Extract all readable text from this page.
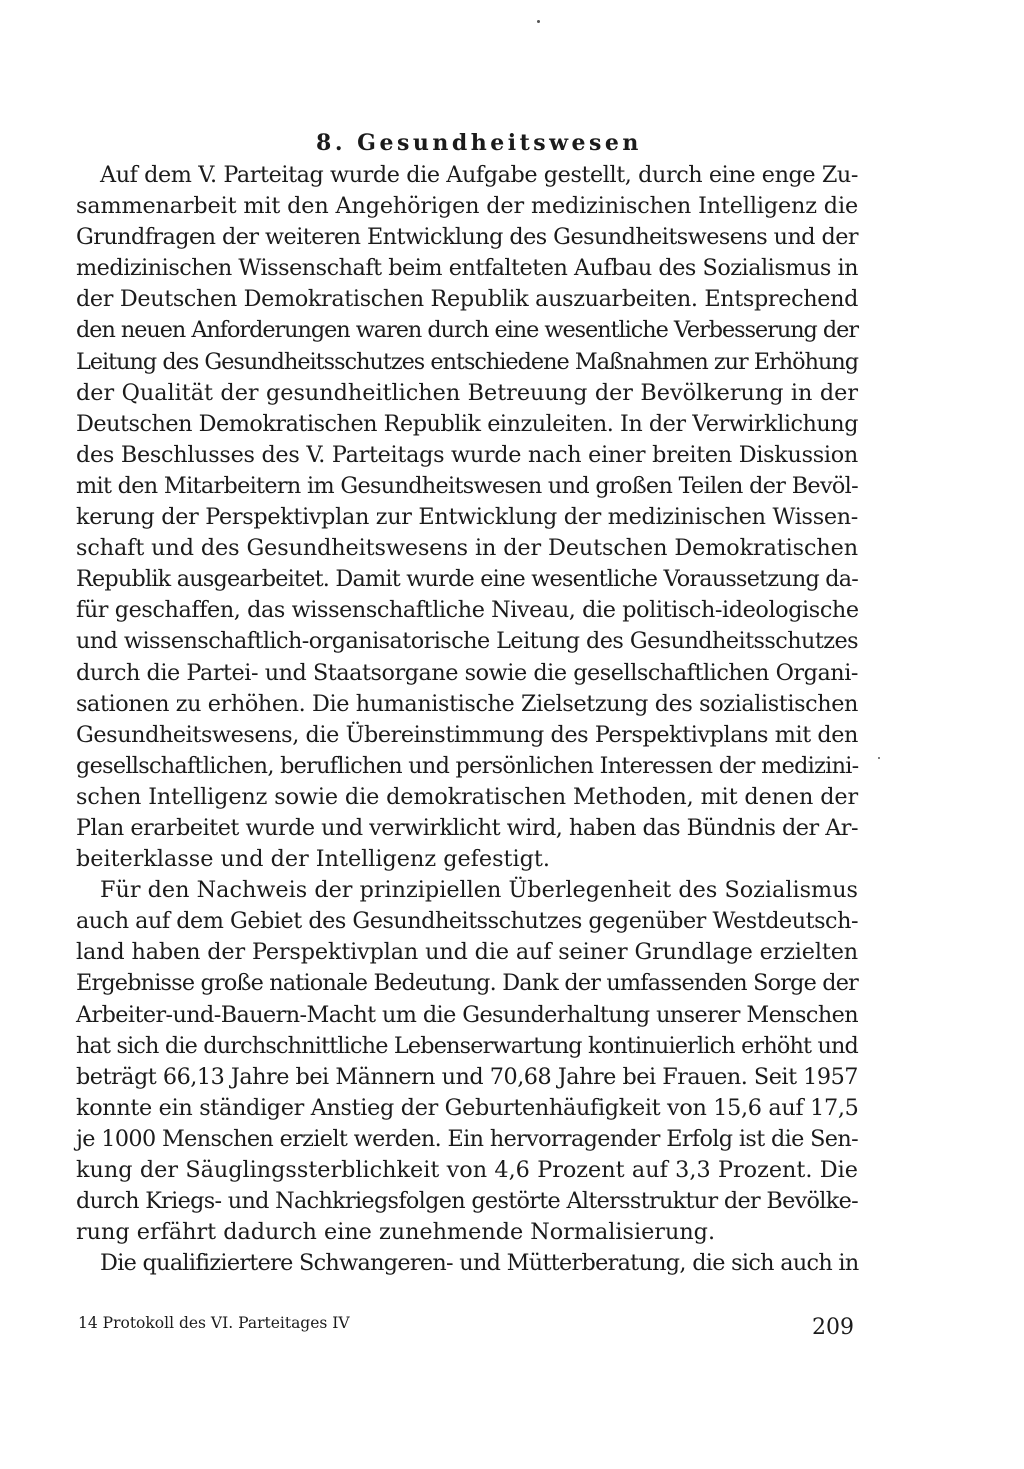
8. Gesundheitswesen

Auf dem V. Parteitag wurde die Aufgabe gestellt, durch eine enge Zu-
sammenarbeit mit den Angehörigen der medizinischen Intelligenz die
Grundfragen der weiteren Entwicklung des Gesundheitswesens und der
medizinischen Wissenschaft beim entfalteten Aufbau des Sozialismus in
der Deutschen Demokratischen Republik auszuarbeiten. Entsprechend
den neuen Anforderungen waren durch eine wesentliche Verbesserung der
Leitung des Gesundheitsschutzes entschiedene Maßnahmen zur Erhöhung
der Qualität der gesundheitlichen Betreuung der Bevölkerung in der
Deutschen Demokratischen Republik einzuleiten. In der Verwirklichung
des Beschlusses des V. Parteitags wurde nach einer breiten Diskussion
mit den Mitarbeitern im Gesundheitswesen und großen Teilen der Bevöl-
kerung der Perspektivplan zur Entwicklung der medizinischen Wissen-
schaft und des Gesundheitswesens in der Deutschen Demokratischen
Republik ausgearbeitet. Damit wurde eine wesentliche Voraussetzung da-
für geschaffen, das wissenschaftliche Niveau, die politisch-ideologische
und wissenschaftlich-organisatorische Leitung des Gesundheitsschutzes
durch die Partei- und Staatsorgane sowie die gesellschaftlichen Organi-
sationen zu erhöhen. Die humanistische Zielsetzung des sozialistischen
Gesundheitswesens, die Übereinstimmung des Perspektivplans mit den
gesellschaftlichen, beruflichen und persönlichen Interessen der medizini-
schen Intelligenz sowie die demokratischen Methoden, mit denen der
Plan erarbeitet wurde und verwirklicht wird, haben das Bündnis der Ar-
beiterklasse und der Intelligenz gefestigt.

Für den Nachweis der prinzipiellen Überlegenheit des Sozialismus
auch auf dem Gebiet des Gesundheitsschutzes gegenüber Westdeutsch-
land haben der Perspektivplan und die auf seiner Grundlage erzielten
Ergebnisse große nationale Bedeutung. Dank der umfassenden Sorge der
Arbeiter-und-Bauern-Macht um die Gesunderhaltung unserer Menschen
hat sich die durchschnittliche Lebenserwartung kontinuierlich erhöht und
beträgt 66,13 Jahre bei Männern und 70,68 Jahre bei Frauen. Seit 1957
konnte ein ständiger Anstieg der Geburtenhäufigkeit von 15,6 auf 17,5
je 1000 Menschen erzielt werden. Ein hervorragender Erfolg ist die Sen-
kung der Säuglingssterblichkeit von 4,6 Prozent auf 3,3 Prozent. Die
durch Kriegs- und Nachkriegsfolgen gestörte Altersstruktur der Bevölke-
rung erfährt dadurch eine zunehmende Normalisierung.

Die qualifiziertere Schwangeren- und Mütterberatung, die sich auch in

14 Protokoll des VI. Parteitages IV	209
